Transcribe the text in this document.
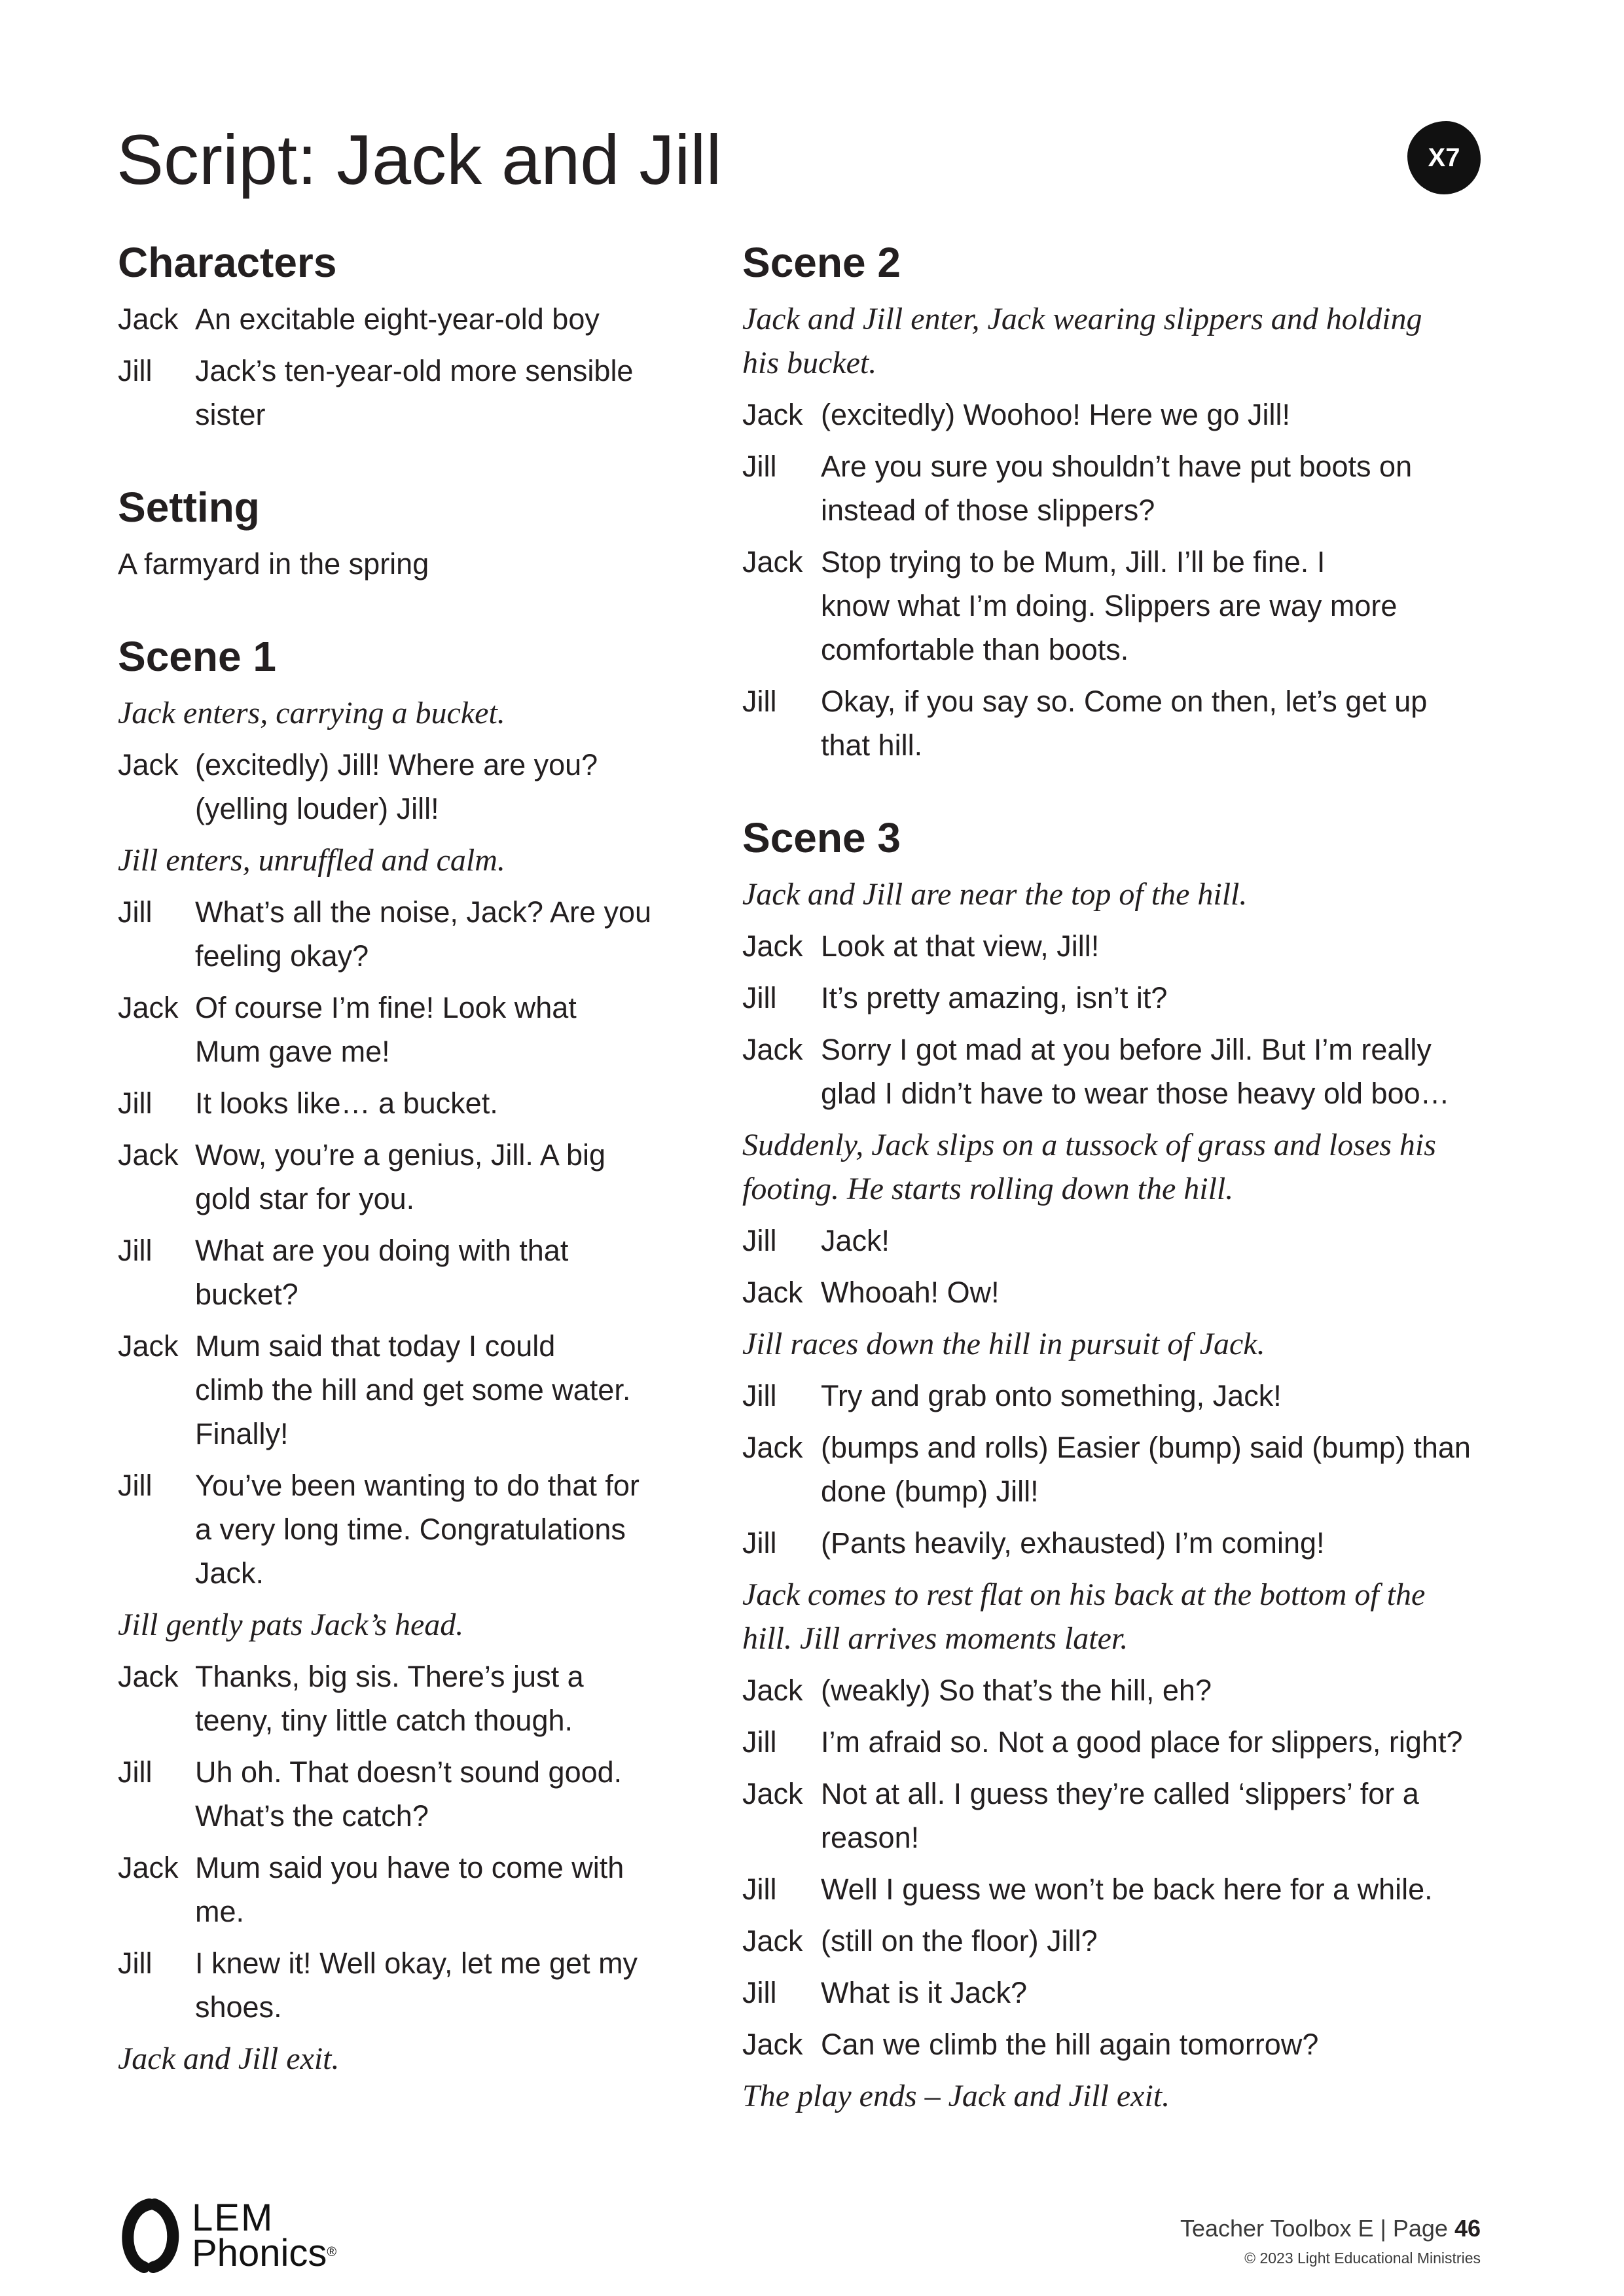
Script: Jack and Jill	X7
Characters
Jack An excitable eight-year-old boy
Jill	Jack’s ten-year-old more sensible
sister
Setting
A farmyard in the spring
Scene 1
Jack enters, carrying a bucket.
Jack (excitedly) Jill! Where are you?
(yelling louder) Jill!
Jill enters, unruffled and calm.
Jill	What’s all the noise, Jack? Are you
feeling okay?
Jack Of course I’m fine! Look what
Mum gave me!
Jill	It looks like… a bucket.
Jack Wow, you’re a genius, Jill. A big
gold star for you.
Jill	What are you doing with that
bucket?
Jack Mum said that today I could
climb the hill and get some water.
Finally!
Jill	You’ve been wanting to do that for
a very long time. Congratulations
Jack.
Jill gently pats Jack’s head.
Jack Thanks, big sis. There’s just a
teeny, tiny little catch though.
Jill	Uh oh. That doesn’t sound good.
What’s the catch?
Jack Mum said you have to come with
me.
Jill	I knew it! Well okay, let me get my
shoes.
Jack and Jill exit.
Scene 2
Jack and Jill enter, Jack wearing slippers and holding
his bucket.
Jack (excitedly) Woohoo! Here we go Jill!
Jill	Are you sure you shouldn’t have put boots on
instead of those slippers?
Jack Stop trying to be Mum, Jill. I’ll be fine. I
know what I’m doing. Slippers are way more
comfortable than boots.
Jill	Okay, if you say so. Come on then, let’s get up
that hill.
Scene 3
Jack and Jill are near the top of the hill.
Jack Look at that view, Jill!
Jill	It’s pretty amazing, isn’t it?
Jack Sorry I got mad at you before Jill. But I’m really
glad I didn’t have to wear those heavy old boo…
Suddenly, Jack slips on a tussock of grass and loses his
footing. He starts rolling down the hill.
Jill	Jack!
Jack Whooah! Ow!
Jill races down the hill in pursuit of Jack.
Jill	Try and grab onto something, Jack!
Jack (bumps and rolls) Easier (bump) said (bump) than
done (bump) Jill!
Jill	(Pants heavily, exhausted) I’m coming!
Jack comes to rest flat on his back at the bottom of the
hill. Jill arrives moments later.
Jack (weakly) So that’s the hill, eh?
Jill	I’m afraid so. Not a good place for slippers, right?
Jack Not at all. I guess they’re called ‘slippers’ for a
reason!
Jill	Well I guess we won’t be back here for a while.
Jack (still on the floor) Jill?
Jill	What is it Jack?
Jack Can we climb the hill again tomorrow?
The play ends – Jack and Jill exit.
LEM
Phonics®
Teacher Toolbox E | Page 46
© 2023 Light Educational Ministries
